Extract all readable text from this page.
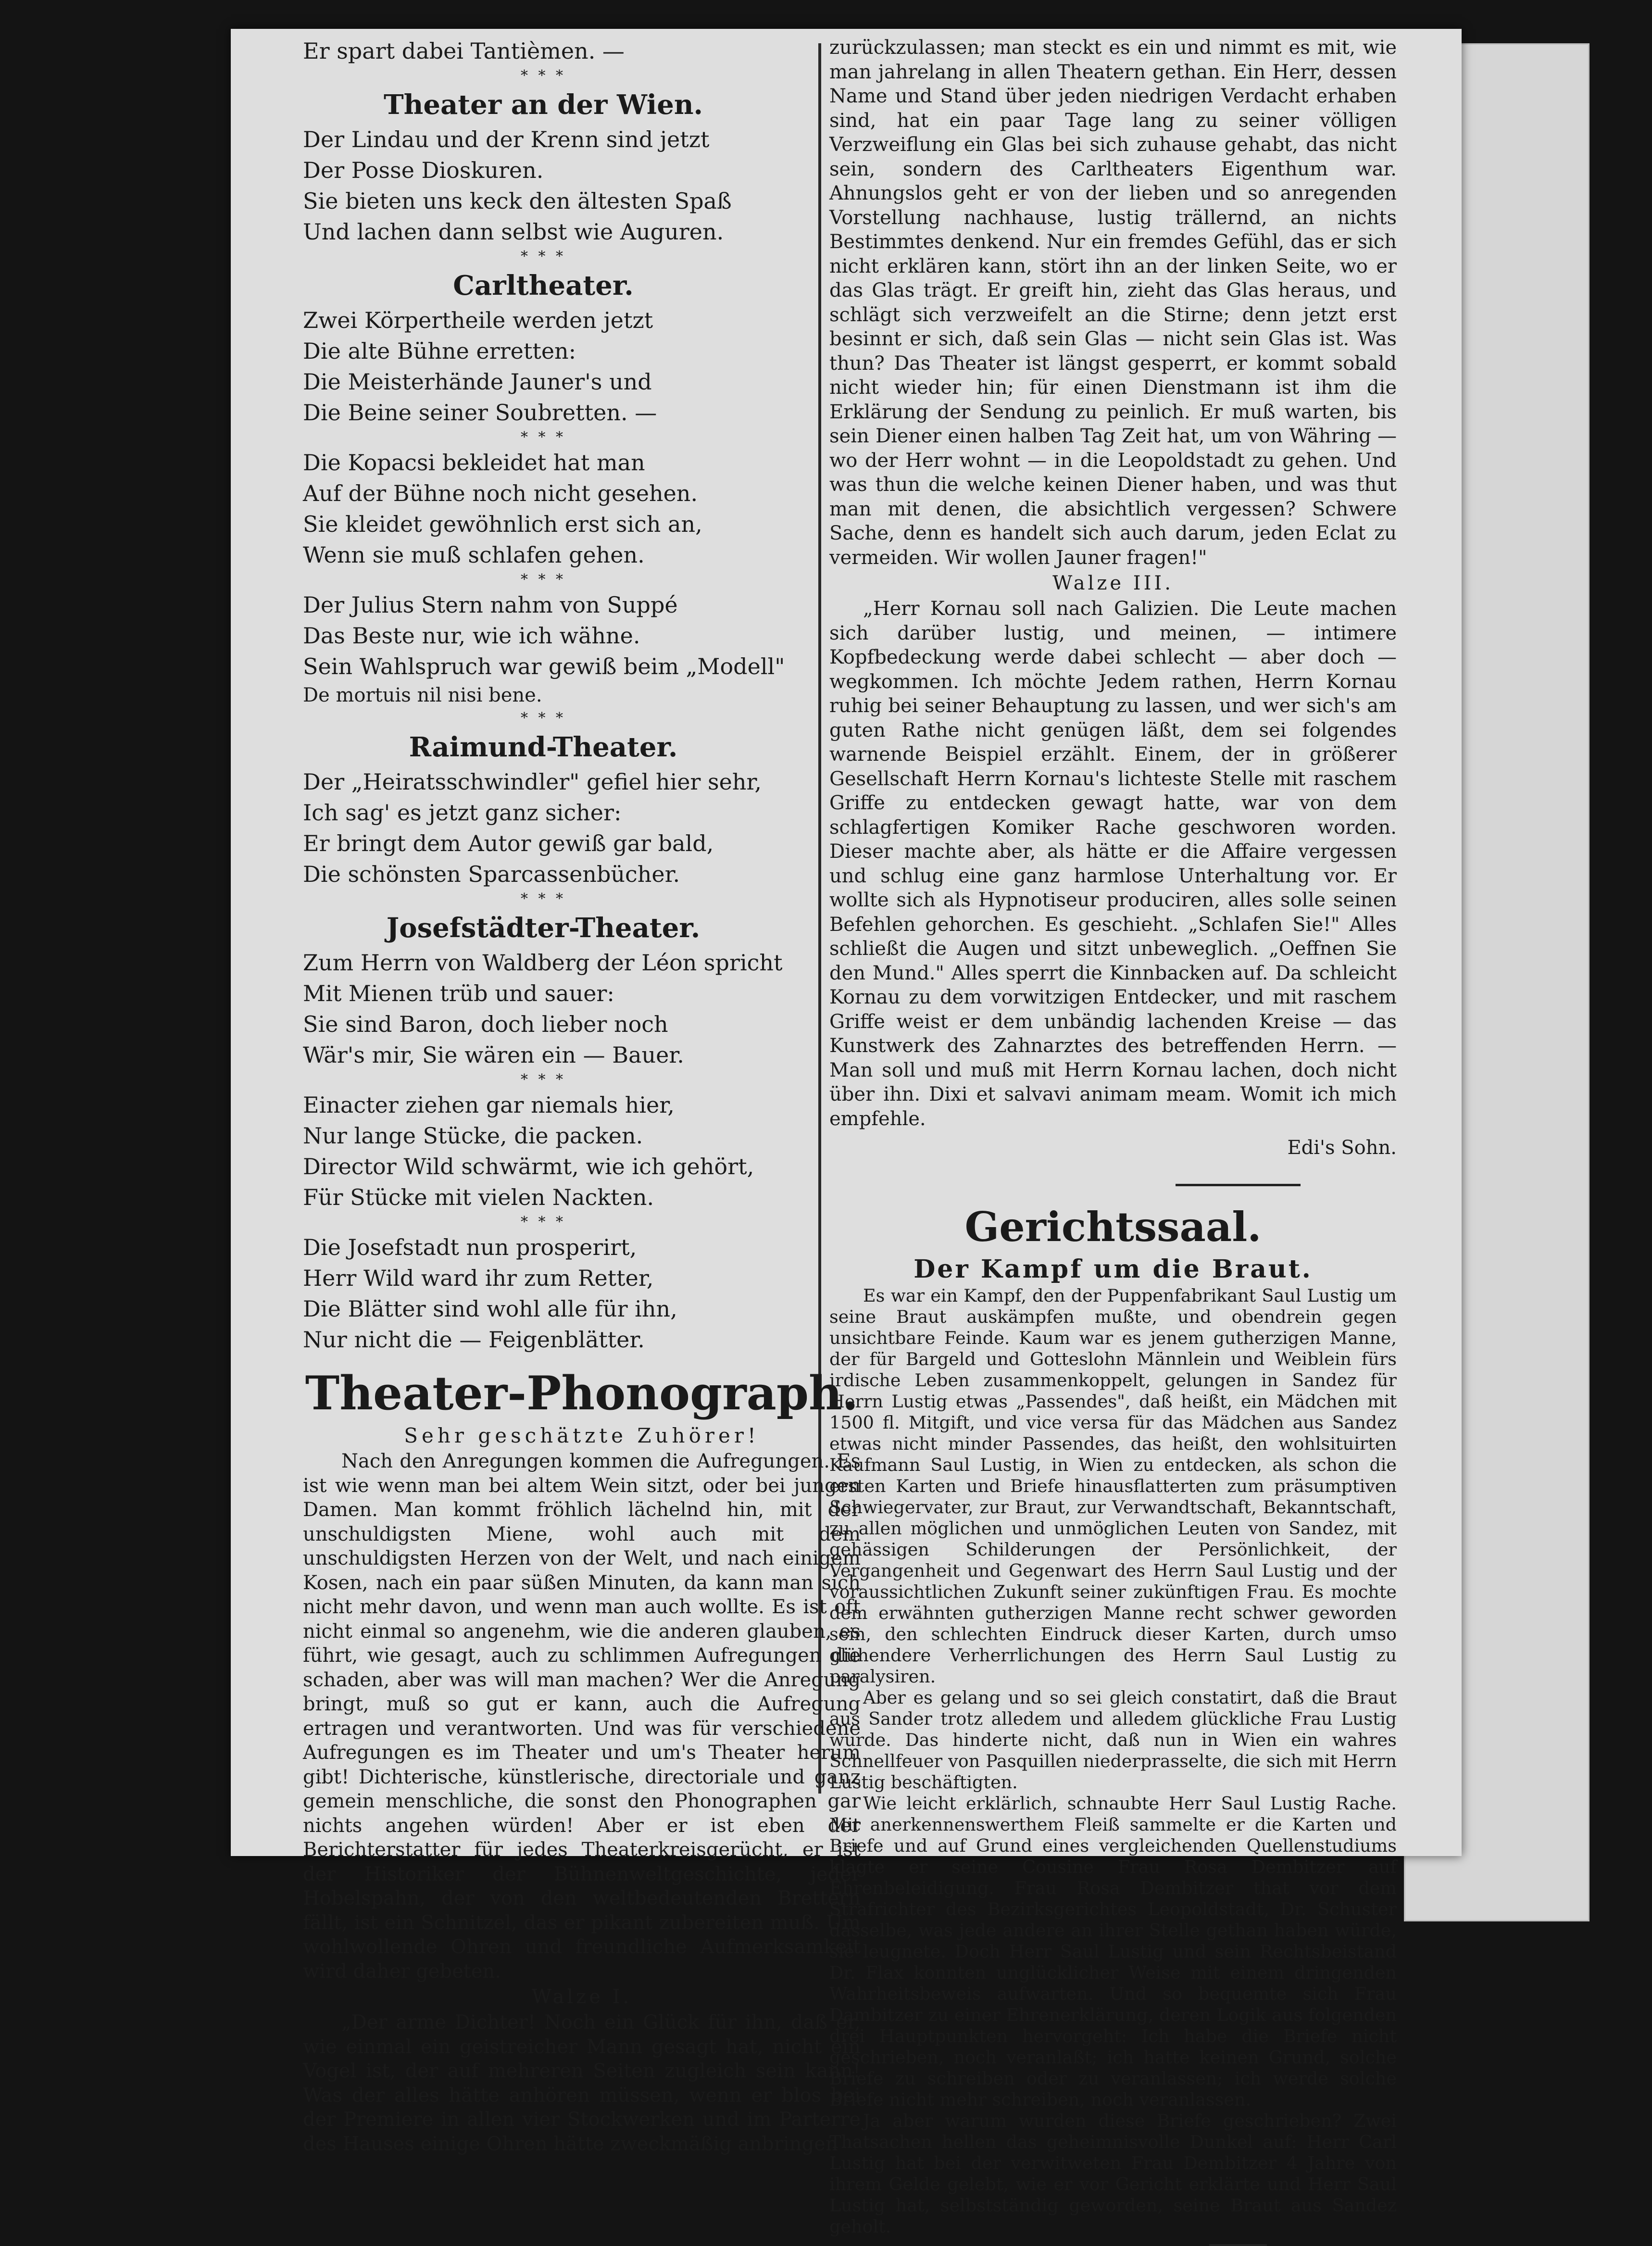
Er spart dabei Tantièmen. —
* * *
Theater an der Wien.
Der Lindau und der Krenn sind jetzt
Der Posse Dioskuren.
Sie bieten uns keck den ältesten Spaß
Und lachen dann selbst wie Auguren.
* * *
Carltheater.
Zwei Körpertheile werden jetzt
Die alte Bühne erretten:
Die Meisterhände Jauner's und
Die Beine seiner Soubretten. —
* * *
Die Kopacsi bekleidet hat man
Auf der Bühne noch nicht gesehen.
Sie kleidet gewöhnlich erst sich an,
Wenn sie muß schlafen gehen.
* * *
Der Julius Stern nahm von Suppé
Das Beste nur, wie ich wähne.
Sein Wahlspruch war gewiß beim „Modell"
De mortuis nil nisi bene.
* * *
Raimund-Theater.
Der „Heiratsschwindler" gefiel hier sehr,
Ich sag' es jetzt ganz sicher:
Er bringt dem Autor gewiß gar bald,
Die schönsten Sparcassenbücher.
* * *
Josefstädter-Theater.
Zum Herrn von Waldberg der Léon spricht
Mit Mienen trüb und sauer:
Sie sind Baron, doch lieber noch
Wär's mir, Sie wären ein — Bauer.
* * *
Einacter ziehen gar niemals hier,
Nur lange Stücke, die packen.
Director Wild schwärmt, wie ich gehört,
Für Stücke mit vielen Nackten.
* * *
Die Josefstadt nun prosperirt,
Herr Wild ward ihr zum Retter,
Die Blätter sind wohl alle für ihn,
Nur nicht die — Feigenblätter.
Theater-Phonograph.
Sehr geschätzte Zuhörer!

Nach den Anregungen kommen die Aufregungen. Es ist wie wenn man bei altem Wein sitzt, oder bei jungen Damen. Man kommt fröhlich lächelnd hin, mit der unschuldigsten Miene, wohl auch mit dem unschuldigsten Herzen von der Welt, und nach einigem Kosen, nach ein paar süßen Minuten, da kann man sich nicht mehr davon, und wenn man auch wollte. Es ist oft nicht einmal so angenehm, wie die anderen glauben, es führt, wie gesagt, auch zu schlimmen Aufregungen die schaden, aber was will man machen? Wer die Anregung bringt, muß so gut er kann, auch die Aufregung ertragen und verantworten. Und was für verschiedene Aufregungen es im Theater und um's Theater herum gibt! Dichterische, künstlerische, directoriale und ganz gemein menschliche, die sonst den Phonographen gar nichts angehen würden! Aber er ist eben der Berichterstatter für jedes Theaterkreisgerücht, er ist der Historiker der Bühnenweltgeschichte, jeder Hobelspahn, der von den weltbedeutenden Brettern fällt, ist ein Schnitzel, das er pikant zubereiten muß. Um wohlwollende Ohren und freundliche Aufmerksamkeit wird daher gebeten.

Walze I.

„Der arme Dichter! Noch ein Glück für ihn, daß er, wie einmal ein geistreicher Mann gesagt hat, nicht ein Vogel ist, der auf mehreren Seiten zugleich sein kann! Was der alles hätte anhören müssen, wenn er blos bei der Premiere in allen vier Stockwerken und im Parterre des Hauses einige Ohren hätte zweckmäßig anbringen

zurückzulassen; man steckt es ein und nimmt es mit, wie man jahrelang in allen Theatern gethan. Ein Herr, dessen Name und Stand über jeden niedrigen Verdacht erhaben sind, hat ein paar Tage lang zu seiner völligen Verzweiflung ein Glas bei sich zuhause gehabt, das nicht sein, sondern des Carltheaters Eigenthum war. Ahnungslos geht er von der lieben und so anregenden Vorstellung nachhause, lustig trällernd, an nichts Bestimmtes denkend. Nur ein fremdes Gefühl, das er sich nicht erklären kann, stört ihn an der linken Seite, wo er das Glas trägt. Er greift hin, zieht das Glas heraus, und schlägt sich verzweifelt an die Stirne; denn jetzt erst besinnt er sich, daß sein Glas — nicht sein Glas ist. Was thun? Das Theater ist längst gesperrt, er kommt sobald nicht wieder hin; für einen Dienstmann ist ihm die Erklärung der Sendung zu peinlich. Er muß warten, bis sein Diener einen halben Tag Zeit hat, um von Währing — wo der Herr wohnt — in die Leopoldstadt zu gehen. Und was thun die welche keinen Diener haben, und was thut man mit denen, die absichtlich vergessen? Schwere Sache, denn es handelt sich auch darum, jeden Eclat zu vermeiden. Wir wollen Jauner fragen!"

Walze III.

„Herr Kornau soll nach Galizien. Die Leute machen sich darüber lustig, und meinen, — intimere Kopfbedeckung werde dabei schlecht — aber doch — wegkommen. Ich möchte Jedem rathen, Herrn Kornau ruhig bei seiner Behauptung zu lassen, und wer sich's am guten Rathe nicht genügen läßt, dem sei folgendes warnende Beispiel erzählt. Einem, der in größerer Gesellschaft Herrn Kornau's lichteste Stelle mit raschem Griffe zu entdecken gewagt hatte, war von dem schlagfertigen Komiker Rache geschworen worden. Dieser machte aber, als hätte er die Affaire vergessen und schlug eine ganz harmlose Unterhaltung vor. Er wollte sich als Hypnotiseur produciren, alles solle seinen Befehlen gehorchen. Es geschieht. „Schlafen Sie!" Alles schließt die Augen und sitzt unbeweglich. „Oeffnen Sie den Mund." Alles sperrt die Kinnbacken auf. Da schleicht Kornau zu dem vorwitzigen Entdecker, und mit raschem Griffe weist er dem unbändig lachenden Kreise — das Kunstwerk des Zahnarztes des betreffenden Herrn. — Man soll und muß mit Herrn Kornau lachen, doch nicht über ihn. Dixi et salvavi animam meam. Womit ich mich empfehle.

Edi's Sohn.
Gerichtssaal.
Der Kampf um die Braut.

Es war ein Kampf, den der Puppenfabrikant Saul Lustig um seine Braut auskämpfen mußte, und obendrein gegen unsichtbare Feinde. Kaum war es jenem gutherzigen Manne, der für Bargeld und Gotteslohn Männlein und Weiblein fürs irdische Leben zusammenkoppelt, gelungen in Sandez für Herrn Lustig etwas „Passendes", daß heißt, ein Mädchen mit 1500 fl. Mitgift, und vice versa für das Mädchen aus Sandez etwas nicht minder Passendes, das heißt, den wohlsituirten Kaufmann Saul Lustig, in Wien zu entdecken, als schon die ersten Karten und Briefe hinausflatterten zum präsumptiven Schwiegervater, zur Braut, zur Verwandtschaft, Bekanntschaft, zu allen möglichen und unmöglichen Leuten von Sandez, mit gehässigen Schilderungen der Persönlichkeit, der Vergangenheit und Gegenwart des Herrn Saul Lustig und der voraussichtlichen Zukunft seiner zukünftigen Frau. Es mochte dem erwähnten gutherzigen Manne recht schwer geworden sein, den schlechten Eindruck dieser Karten, durch umso glühendere Verherrlichungen des Herrn Saul Lustig zu paralysiren.

Aber es gelang und so sei gleich constatirt, daß die Braut aus Sander trotz alledem und alledem glückliche Frau Lustig wurde. Das hinderte nicht, daß nun in Wien ein wahres Schnellfeuer von Pasquillen niederprasselte, die sich mit Herrn Lustig beschäftigten.

Wie leicht erklärlich, schnaubte Herr Saul Lustig Rache. Mit anerkennenswerthem Fleiß sammelte er die Karten und Briefe und auf Grund eines vergleichenden Quellenstudiums klagte er seine Cousine Frau Rosa Dembitzer auf Ehrenbeleidigung. Frau Rosa Dembitzer that vor dem Strafrichter des Bezirksgerichtes Leopoldstadt, Dr. Schuster dasselbe, was jede andere an ihrer Stelle gethan haben würde, sie leugnete. Doch Herr Saul Lustig und sein Rechtsbeistand Dr. Flax konnten unglücklicher Weise mit einem dringenden Wahrheitsbeweis aufwarten. Und so bequemte sich Frau Dambitzer zu einer Ehrenerklärung, deren Logik aus folgenden drei Hauptpunkten hervorgeht: Ich habe die Briefe nicht geschrieben, noch veranlaßt; ich hatte keinen Grund, solche Briefe zu schreiben oder zu veranlassen; ich werde solche Briefe nicht mehr schreiben, noch veranlassen.

Ja aber warum wurden diese Briefe geschrieben? Zwei Thatsachen hellen das geheimnisvolle Dunkel auf: Herr Carl Lustig hat bei der verwitweten Frau Dembitzer 4 Jahre von ihrem Gelde gelebt, wie er vor Gericht erklärte und Herr Saul Lustig hat, selbstständig geworden, seine Braut aus Sandez geholt.
